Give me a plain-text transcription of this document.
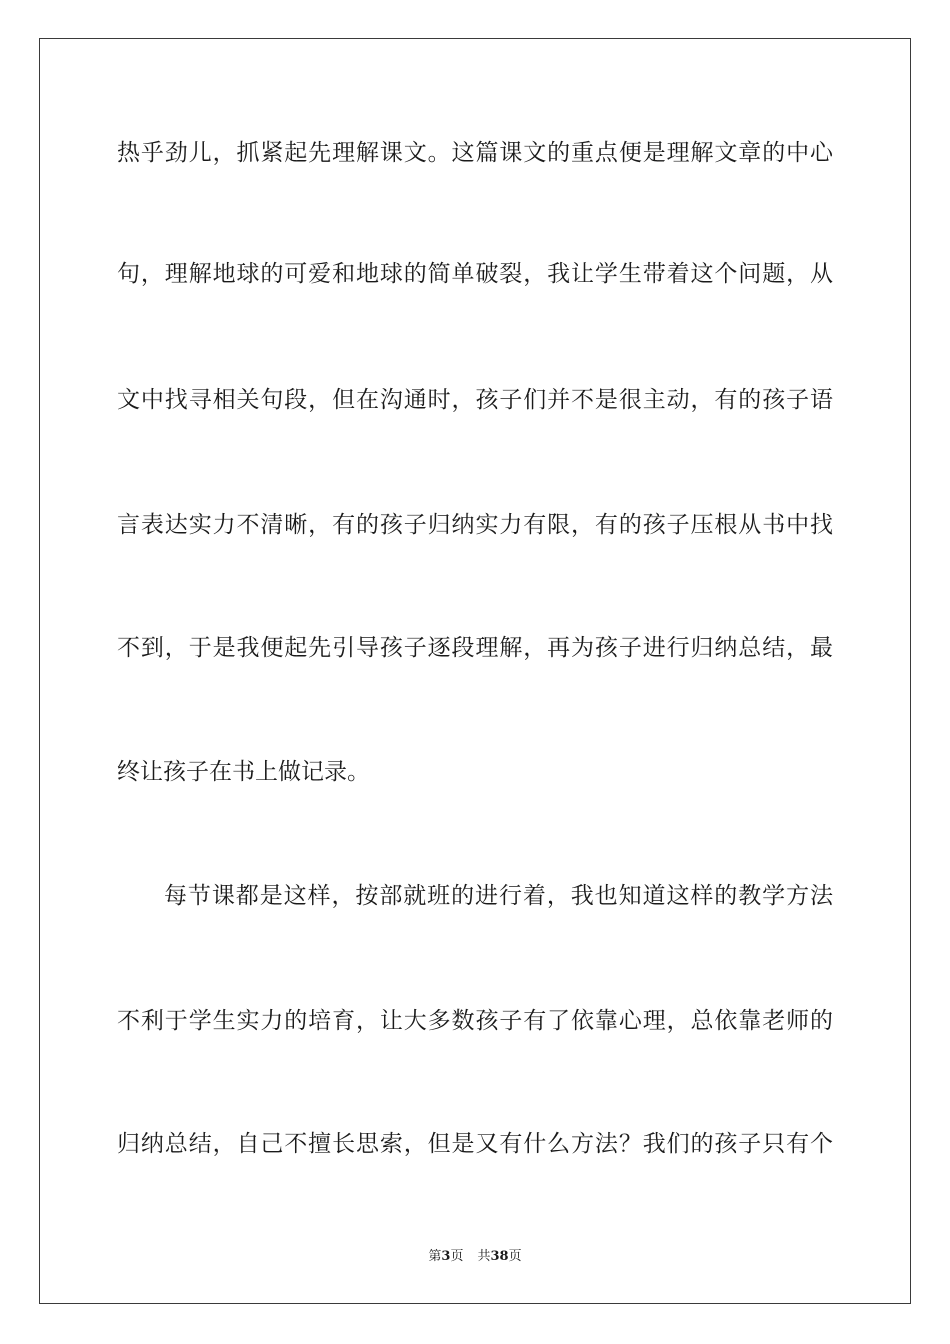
热乎劲儿，抓紧起先理解课文。这篇课文的重点便是理解文章的中心
句，理解地球的可爱和地球的简单破裂，我让学生带着这个问题，从
文中找寻相关句段，但在沟通时，孩子们并不是很主动，有的孩子语
言表达实力不清晰，有的孩子归纳实力有限，有的孩子压根从书中找
不到，于是我便起先引导孩子逐段理解，再为孩子进行归纳总结，最
终让孩子在书上做记录。
每节课都是这样，按部就班的进行着，我也知道这样的教学方法
不利于学生实力的培育，让大多数孩子有了依靠心理，总依靠老师的
归纳总结，自己不擅长思索，但是又有什么方法？我们的孩子只有个
第3页 共38页
